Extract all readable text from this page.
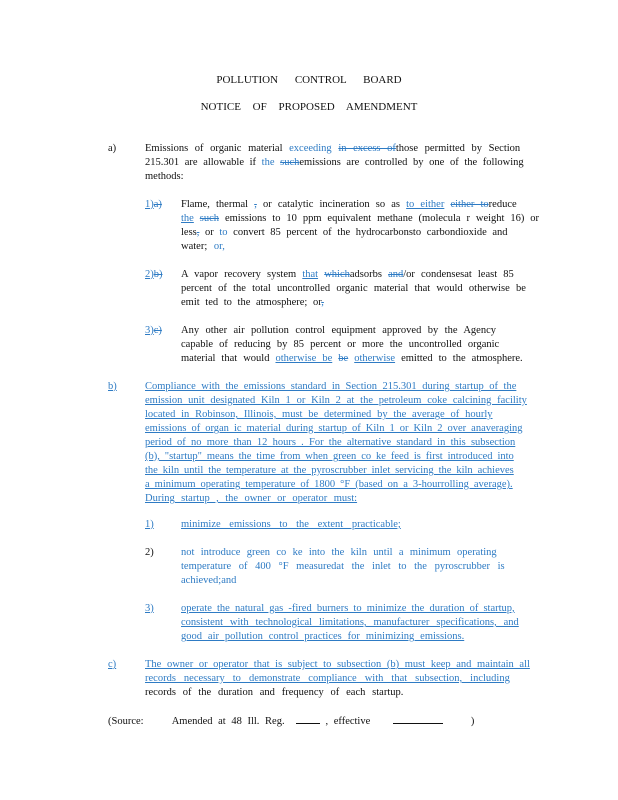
POLLUTION CONTROL BOARD
NOTICE OF PROPOSED AMENDMENT
a)	Emissions of organic material exceeding in excess ofthose permitted by Section
215.301 are allowable if the suchemissions are controlled by one of the following
methods:
1)a) Flame, thermal , or catalytic incineration so as to either either toreduce
the such emissions to 10 ppm equivalent methane (molecula r weight 16) or
less, or to convert 85 percent of the hydrocarbonsto carbondioxide and
water; or,
2)b) A vapor recovery system that whichadsorbs and/or condensesat least 85
percent of the total uncontrolled organic material that would otherwise be
emit ted to the atmosphere; or,
3)c) Any other air pollution control equipment approved by the Agency
capable of reducing by 85 percent or more the uncontrolled organic
material that would otherwise be be otherwise emitted to the atmosphere.
b)	Compliance with the emissions standard in Section 215.301 during startup of the
emission unit designated Kiln 1 or Kiln 2 at the petroleum coke calcining facility
located in Robinson, Illinois, must be determined by the average of hourly
emissions of organ ic material during startup of Kiln 1 or Kiln 2 over anaveraging
period of no more than 12 hours . For the alternative standard in this subsection
(b), "startup" means the time from when green co ke feed is first introduced into
the kiln until the temperature at the pyroscrubber inlet servicing the kiln achieves
a minimum operating temperature of 1800 °F (based on a 3-hourrolling average).
During startup , the owner or operator must:
1)	minimize emissions to the extent practicable;
2)	not introduce green co ke into the kiln until a minimum operating
temperature of 400 °F measuredat the inlet to the pyroscrubber is
achieved;and
3)	operate the natural gas -fired burners to minimize the duration of startup,
consistent with technological limitations, manufacturer specifications, and
good air pollution control practices for minimizing emissions.
c)	The owner or operator that is subject to subsection (b) must keep and maintain all
records necessary to demonstrate compliance with that subsection, including
records of the duration and frequency of each startup.
(Source:	Amended at 48 Ill. Reg.	, effective	)
